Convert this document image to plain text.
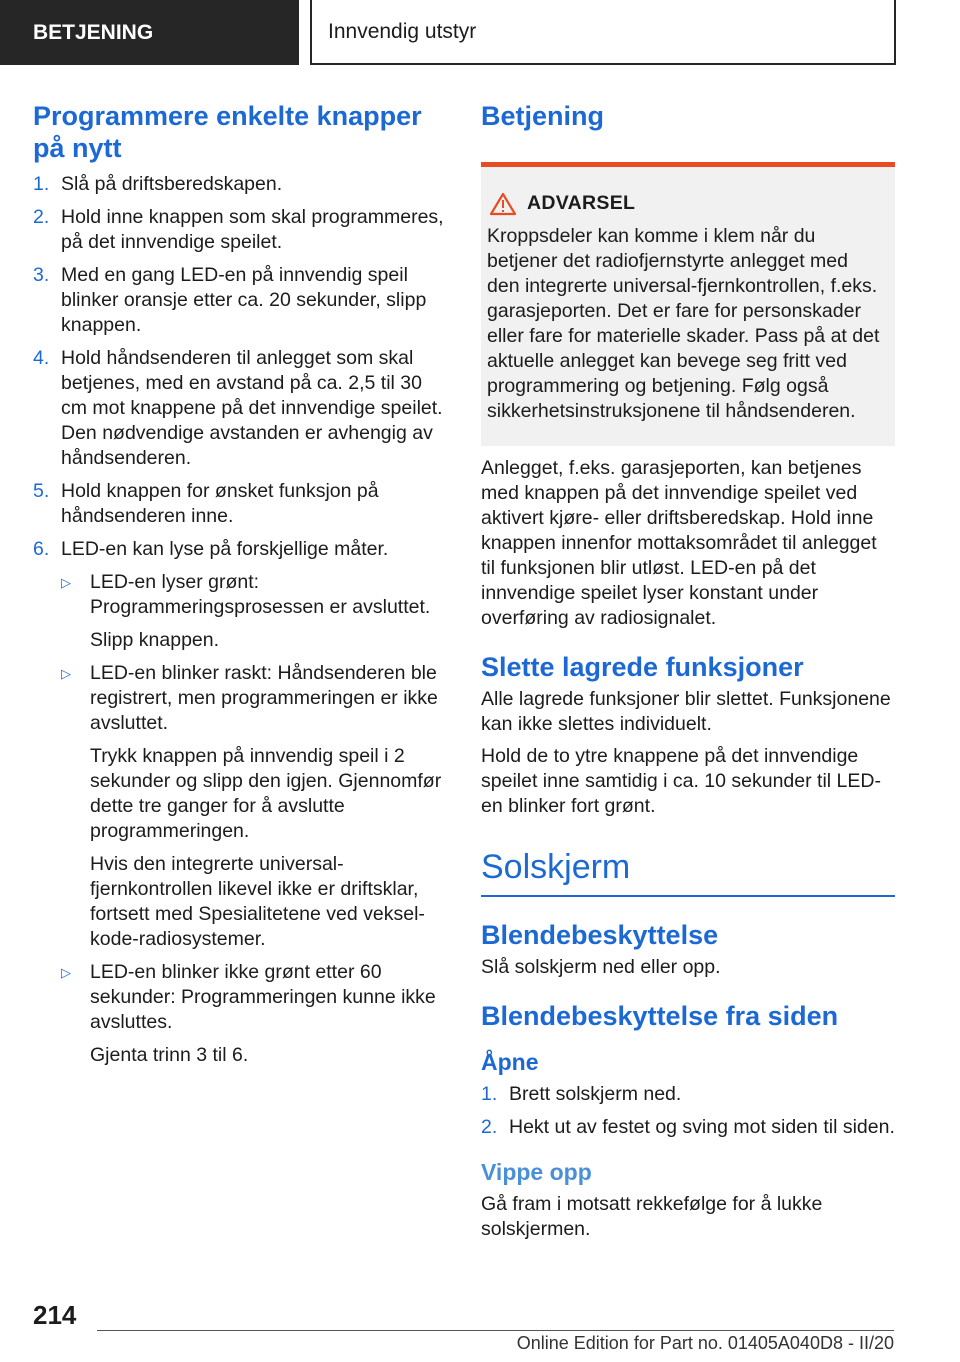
BETJENING	Innvendig utstyr
Programmere enkelte knapper på nytt
1. Slå på driftsberedskapen.
2. Hold inne knappen som skal programmeres, på det innvendige speilet.
3. Med en gang LED-en på innvendig speil blinker oransje etter ca. 20 sekunder, slipp knappen.
4. Hold håndsenderen til anlegget som skal betjenes, med en avstand på ca. 2,5 til 30 cm mot knappene på det innvendige speilet. Den nødvendige avstanden er avhengig av håndsenderen.
5. Hold knappen for ønsket funksjon på håndsenderen inne.
6. LED-en kan lyse på forskjellige måter.
▷ LED-en lyser grønt: Programmeringsprosessen er avsluttet.
Slipp knappen.
▷ LED-en blinker raskt: Håndsenderen ble registrert, men programmeringen er ikke avsluttet.
Trykk knappen på innvendig speil i 2 sekunder og slipp den igjen. Gjennomfør dette tre ganger for å avslutte programmeringen.
Hvis den integrerte universal-fjernkontrollen likevel ikke er driftsklar, fortsett med Spesialitetene ved veksel-kode-radiosystemer.
▷ LED-en blinker ikke grønt etter 60 sekunder: Programmeringen kunne ikke avsluttes.
Gjenta trinn 3 til 6.
Betjening
ADVARSEL

Kroppsdeler kan komme i klem når du betjener det radiofjernstyrte anlegget med den integrerte universal-fjernkontrollen, f.eks. garasjeporten. Det er fare for personskader eller fare for materielle skader. Pass på at det aktuelle anlegget kan bevege seg fritt ved programmering og betjening. Følg også sikkerhetsinstruksjonene til håndsenderen.

Anlegget, f.eks. garasjeporten, kan betjenes med knappen på det innvendige speilet ved aktivert kjøre- eller driftsberedskap. Hold inne knappen innenfor mottaksområdet til anlegget til funksjonen blir utløst. LED-en på det innvendige speilet lyser konstant under overføring av radiosignalet.

Slette lagrede funksjoner

Alle lagrede funksjoner blir slettet. Funksjonene kan ikke slettes individuelt.

Hold de to ytre knappene på det innvendige speilet inne samtidig i ca. 10 sekunder til LED-en blinker fort grønt.

Solskjerm
Blendebeskyttelse

Slå solskjerm ned eller opp.

Blendebeskyttelse fra siden
Åpne
1. Brett solskjerm ned.
2. Hekt ut av festet og sving mot siden til siden.
Vippe opp

Gå fram i motsatt rekkefølge for å lukke solskjermen.

214
Online Edition for Part no. 01405A040D8 - II/20
